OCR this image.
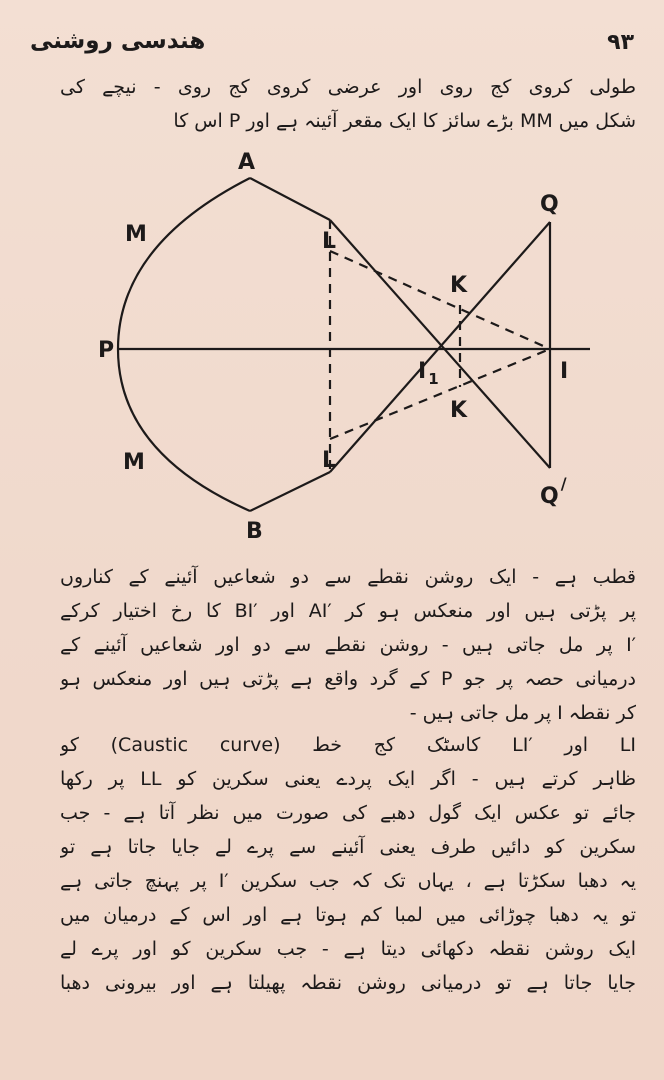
هندسی روشنی	۹۳
طولی کروی کج روی اور عرضی کروی کج روی - نیچے کی
شکل میں MM بڑے سائز کا ایک مقعر آئینہ ہے اور P اس کا
A
B
M
M
P
L
L
K
K
I $_1$	I
Q
Q/
قطب ہے - ایک روشن نقطے سے دو شعاعیں آئینے کے کناروں
پر پڑتی ہیں اور منعکس ہو کر ′AI اور ′BI کا رخ اختیار کرکے
′I پر مل جاتی ہیں - روشن نقطے سے دو اور شعاعیں آئینے کے
درمیانی حصہ پر جو P کے گرد واقع ہے پڑتی ہیں اور منعکس ہو
کر نقطہ I پر مل جاتی ہیں -
LI اور ′LI کاسٹک کج خط (Caustic curve) کو
ظاہر کرتے ہیں - اگر ایک پردے یعنی سکرین کو LL پر رکھا
جائے تو عکس ایک گول دھبے کی صورت میں نظر آتا ہے - جب
سکرین کو دائیں طرف یعنی آئینے سے پرے لے جایا جاتا ہے تو
یہ دھبا سکڑتا ہے ، یہاں تک کہ جب سکرین ′I پر پہنچ جاتی ہے
تو یہ دھبا چوڑائی میں لمبا کم ہوتا ہے اور اس کے درمیان میں
ایک روشن نقطہ دکھائی دیتا ہے - جب سکرین کو اور پرے لے
جایا جاتا ہے تو درمیانی روشن نقطہ پھیلتا ہے اور بیرونی دھبا
